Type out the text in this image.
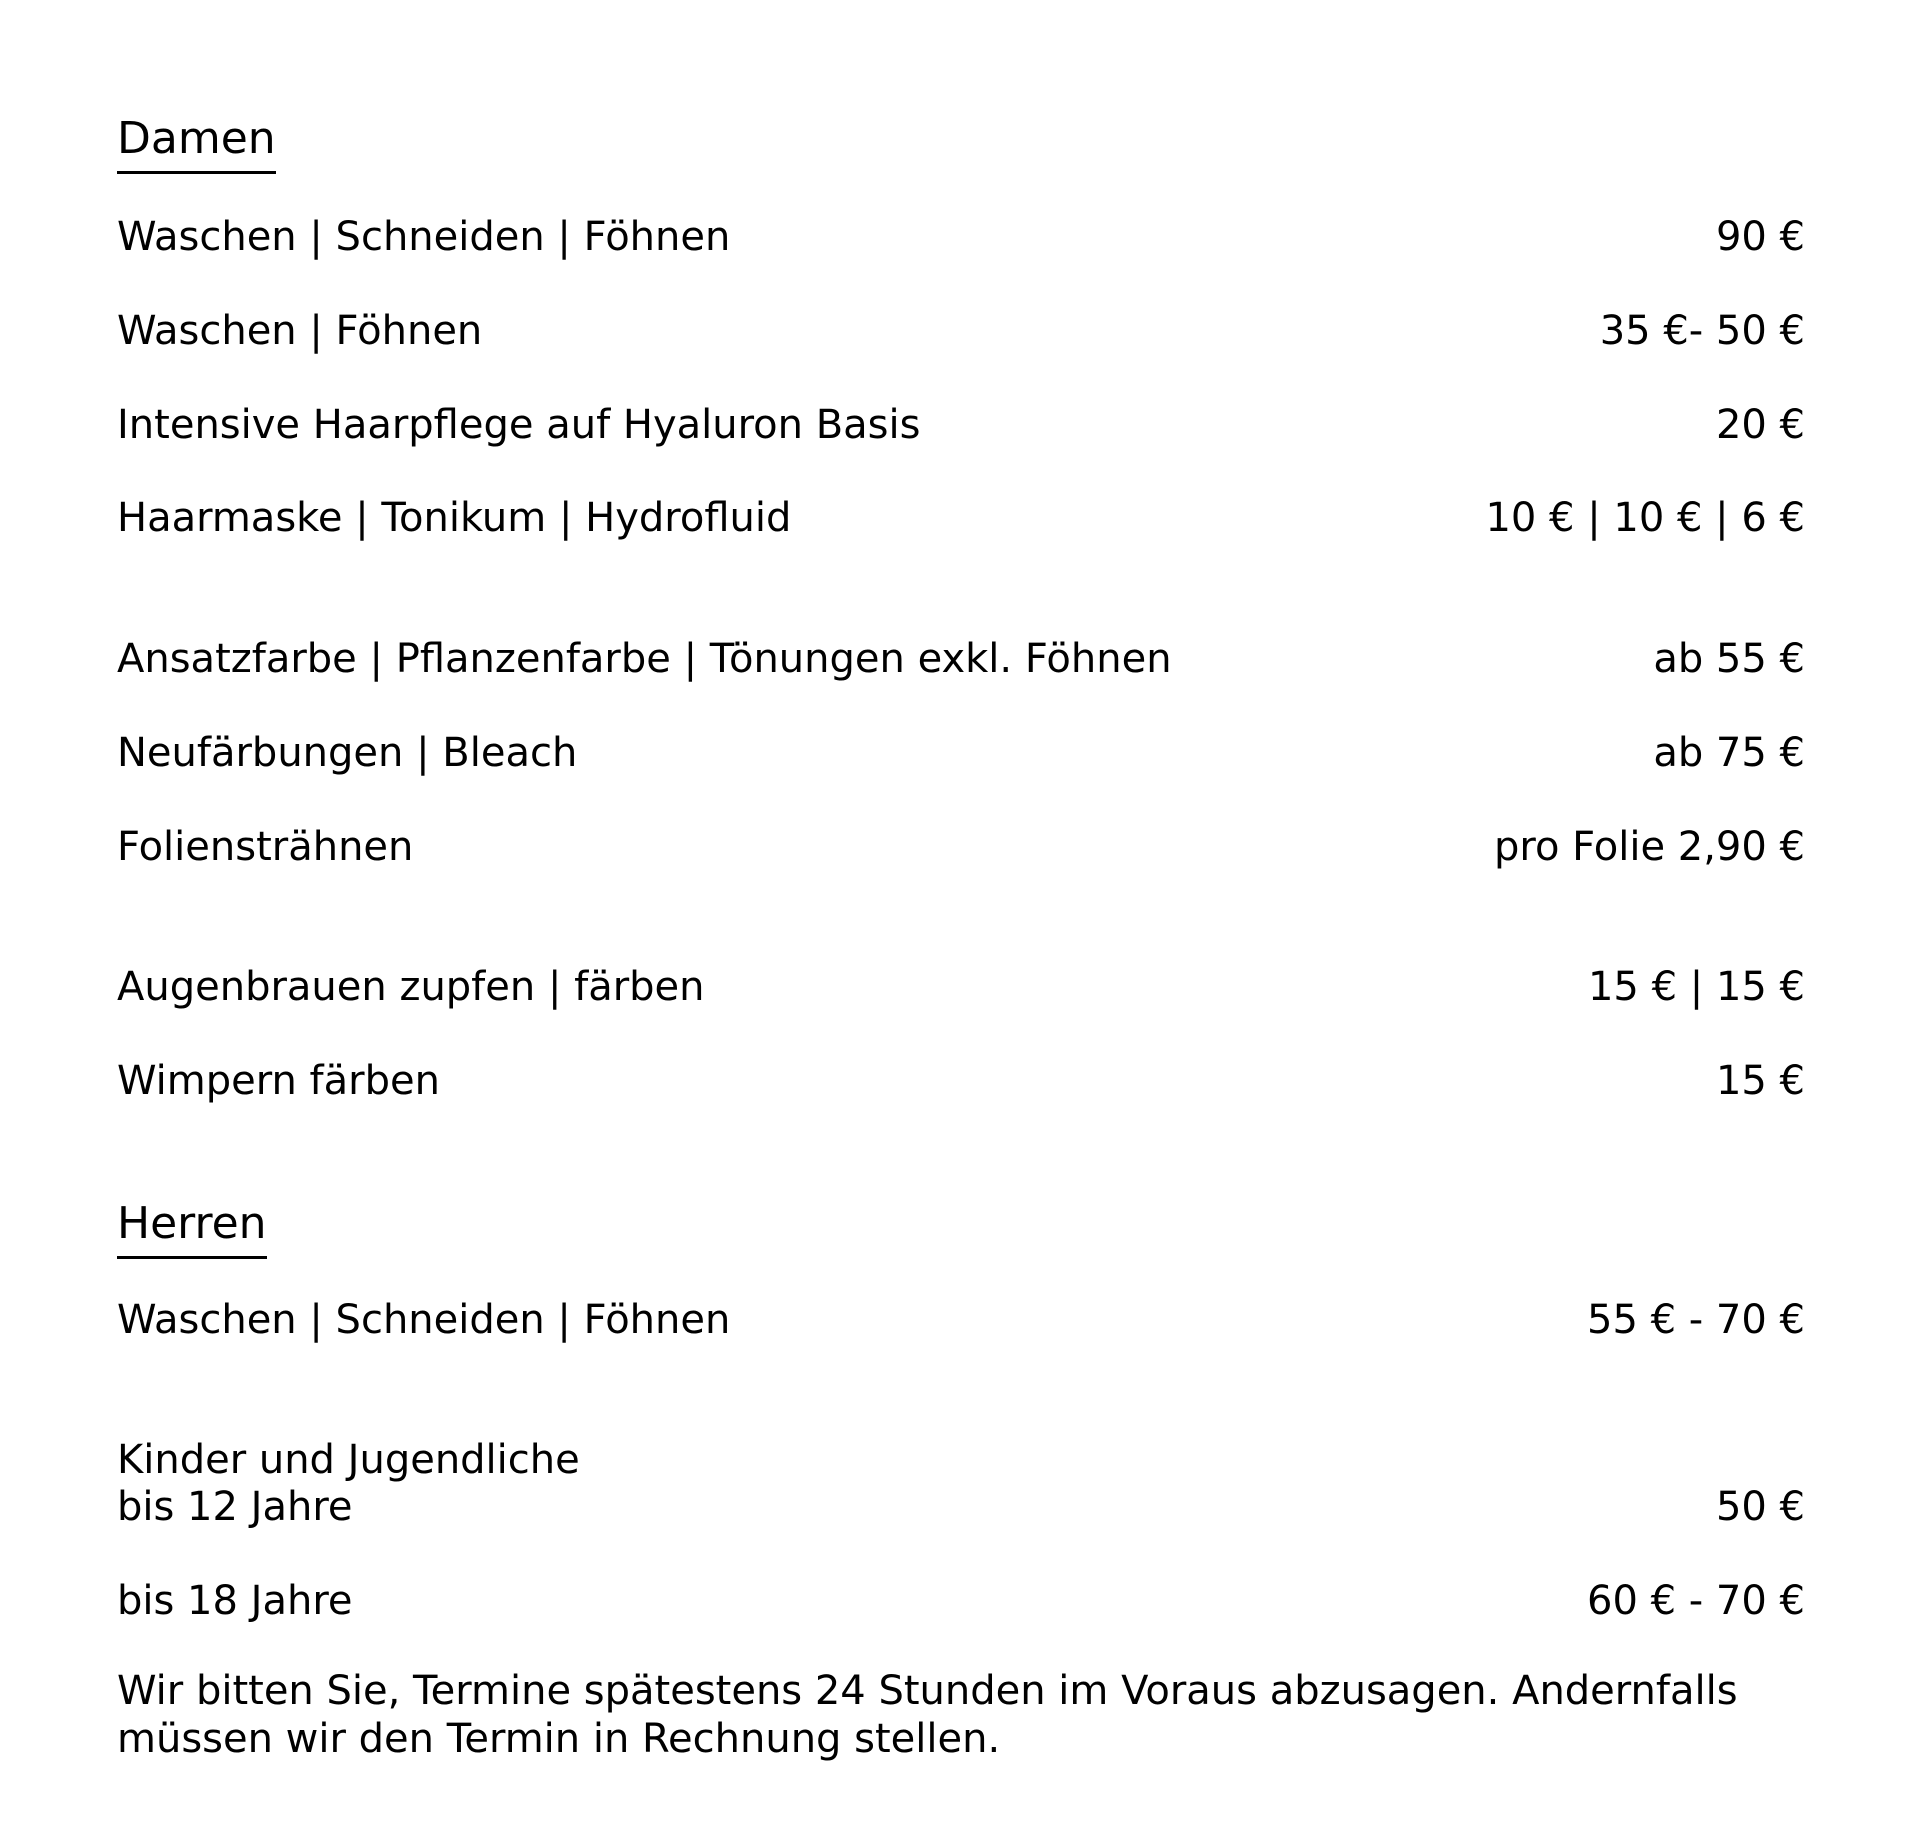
Damen
Waschen | Schneiden | Föhnen	90 €
Waschen | Föhnen	35 €- 50 €
Intensive Haarpflege auf Hyaluron Basis	20 €
Haarmaske | Tonikum | Hydrofluid	10 € | 10 € | 6 €
Ansatzfarbe | Pflanzenfarbe | Tönungen exkl. Föhnen	ab 55 €
Neufärbungen | Bleach	ab 75 €
Foliensträhnen	pro Folie 2,90 €
Augenbrauen zupfen | färben	15 € | 15 €
Wimpern färben	15 €
Herren
Waschen | Schneiden | Föhnen	55 € - 70 €
Kinder und Jugendliche
bis 12 Jahre	50 €
bis 18 Jahre	60 € - 70 €
Wir bitten Sie, Termine spätestens 24 Stunden im Voraus abzusagen. Andernfalls müssen wir den Termin in Rechnung stellen.
